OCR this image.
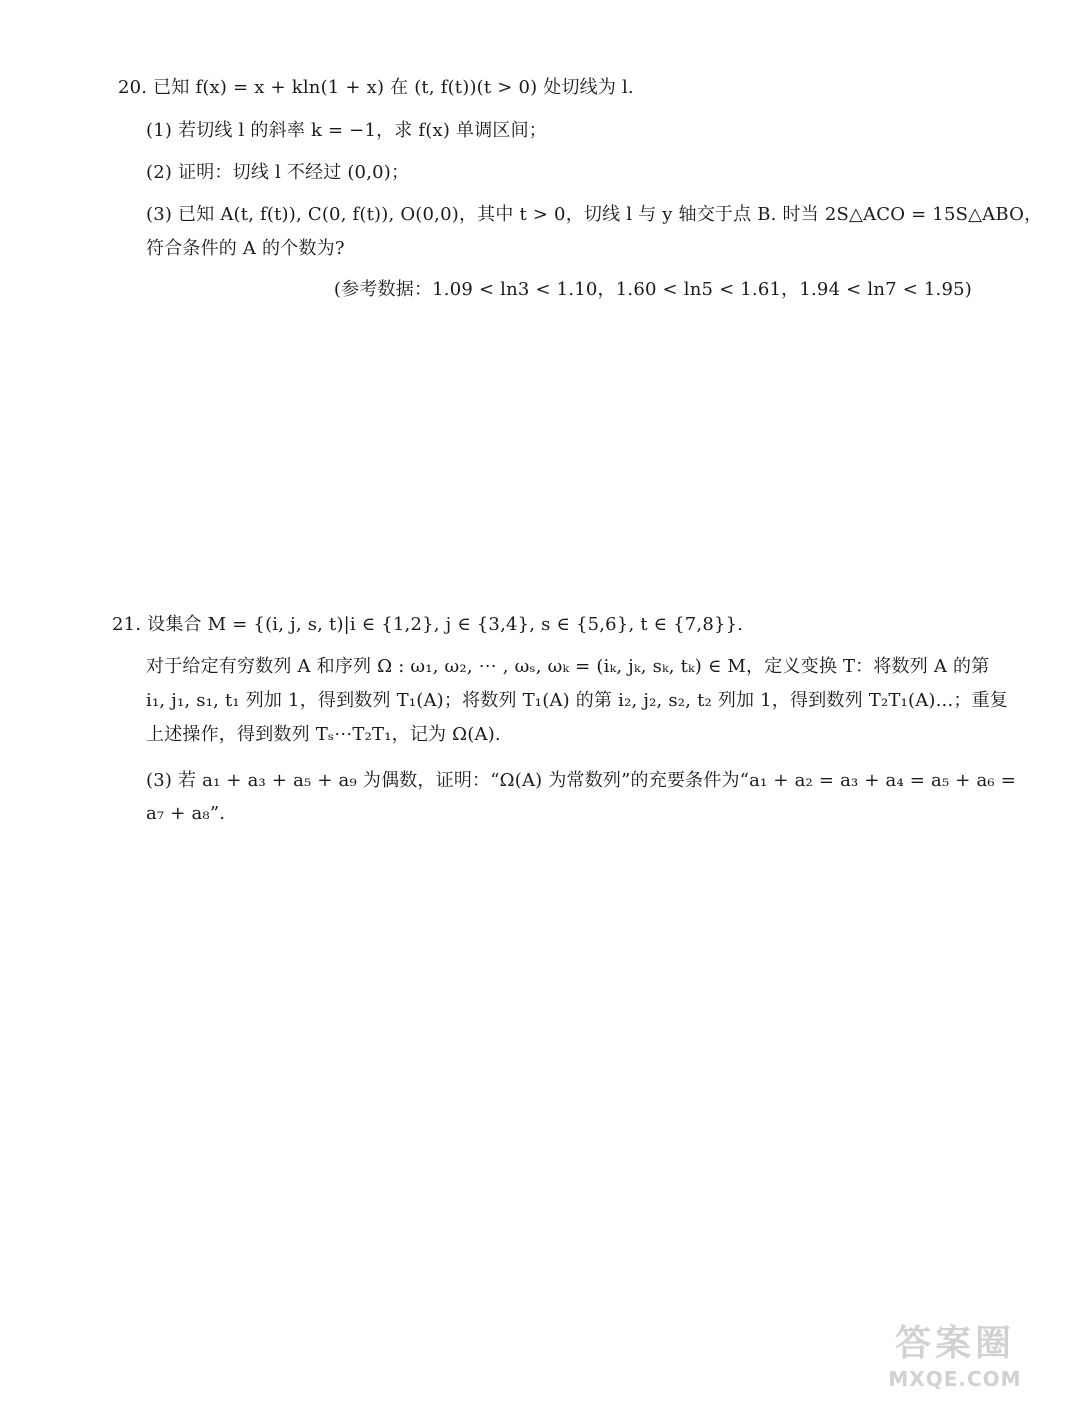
20. 已知 f(x) = x + kln(1 + x) 在 (t, f(t))(t > 0) 处切线为 l.
(1) 若切线 l 的斜率 k = −1，求 f(x) 单调区间；
(2) 证明：切线 l 不经过 (0,0)；
(3) 已知 A(t, f(t)), C(0, f(t)), O(0,0)，其中 t > 0，切线 l 与 y 轴交于点 B. 时当 2S△ACO = 15S△ABO，
符合条件的 A 的个数为?
(参考数据：1.09 < ln3 < 1.10，1.60 < ln5 < 1.61，1.94 < ln7 < 1.95)
21. 设集合 M = {(i, j, s, t)|i ∈ {1,2}, j ∈ {3,4}, s ∈ {5,6}, t ∈ {7,8}}.
对于给定有穷数列 A 和序列 Ω : ω₁, ω₂, ⋯ , ωₛ, ωₖ = (iₖ, jₖ, sₖ, tₖ) ∈ M，定义变换 T：将数列 A 的第
i₁, j₁, s₁, t₁ 列加 1，得到数列 T₁(A)；将数列 T₁(A) 的第 i₂, j₂, s₂, t₂ 列加 1，得到数列 T₂T₁(A)...；重复
上述操作，得到数列 Tₛ⋯T₂T₁，记为 Ω(A).
(3) 若 a₁ + a₃ + a₅ + a₉ 为偶数，证明：“Ω(A) 为常数列”的充要条件为“a₁ + a₂ = a₃ + a₄ = a₅ + a₆ =
a₇ + a₈”.
答案圈
MXQE.COM
